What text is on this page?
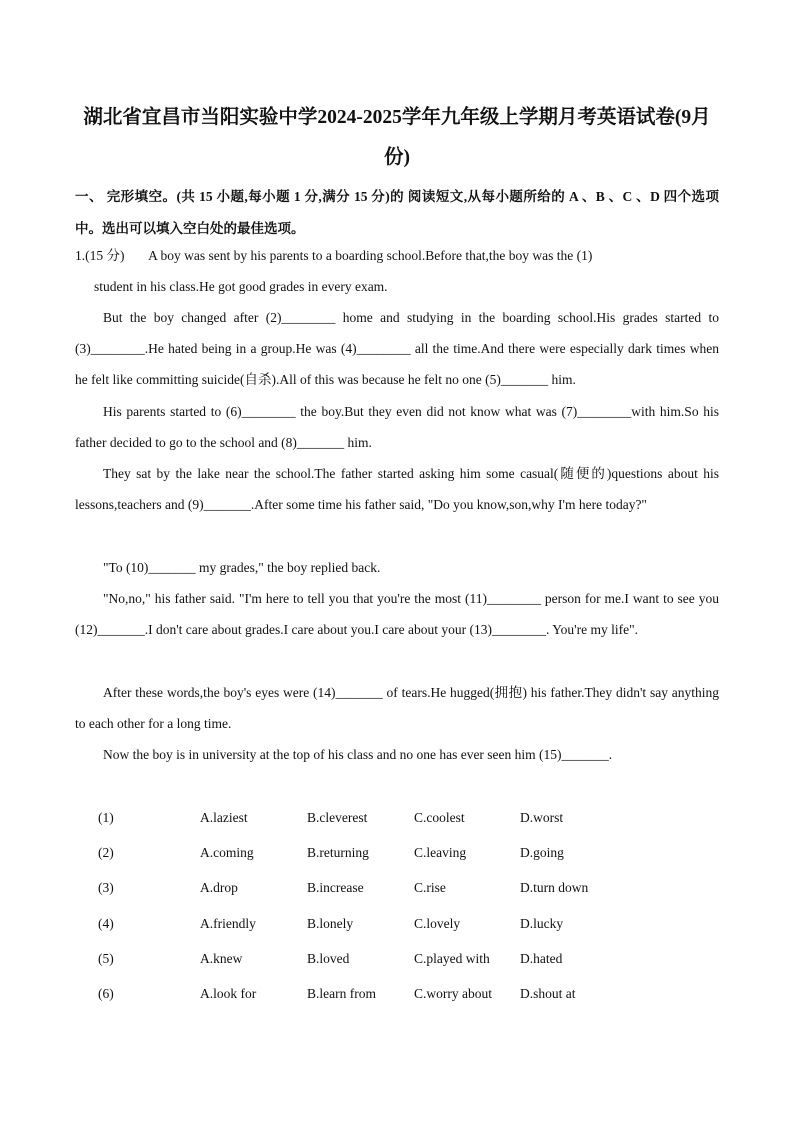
湖北省宜昌市当阳实验中学2024-2025学年九年级上学期月考英语试卷(9月份)
一、 完形填空。(共 15 小题,每小题 1 分,满分 15 分)的 阅读短文,从每小题所给的 A 、B 、C 、D 四个选项中。选出可以填入空白处的最佳选项。
1.(15 分) A boy was sent by his parents to a boarding school.Before that,the boy was the (1)
student in his class.He got good grades in every exam.
But the boy changed after (2)________ home and studying in the boarding school.His grades started to (3)________.He hated being in a group.He was (4)________ all the time.And there were especially dark times when he felt like committing suicide(自杀).All of this was because he felt no one (5)_______ him.
His parents started to (6)________ the boy.But they even did not know what was (7)________with him.So his father decided to go to the school and (8)_______ him.
They sat by the lake near the school.The father started asking him some casual(随便的)questions about his lessons,teachers and (9)_______.After some time his father said, "Do you know,son,why I'm here today?"
"To (10)_______ my grades," the boy replied back.
"No,no," his father said. "I'm here to tell you that you're the most (11)________ person for me.I want to see you (12)_______.I don't care about grades.I care about you.I care about your (13)________. You're my life".
After these words,the boy's eyes were (14)_______ of tears.He hugged(拥抱) his father.They didn't say anything to each other for a long time.
Now the boy is in university at the top of his class and no one has ever seen him (15)_______.
(1)	A.laziest	B.cleverest	C.coolest	D.worst
(2)	A.coming	B.returning	C.leaving	D.going
(3)	A.drop	B.increase	C.rise	D.turn down
(4)	A.friendly	B.lonely	C.lovely	D.lucky
(5)	A.knew	B.loved	C.played with D.hated
(6)	A.look for	B.learn from	C.worry about D.shout at
